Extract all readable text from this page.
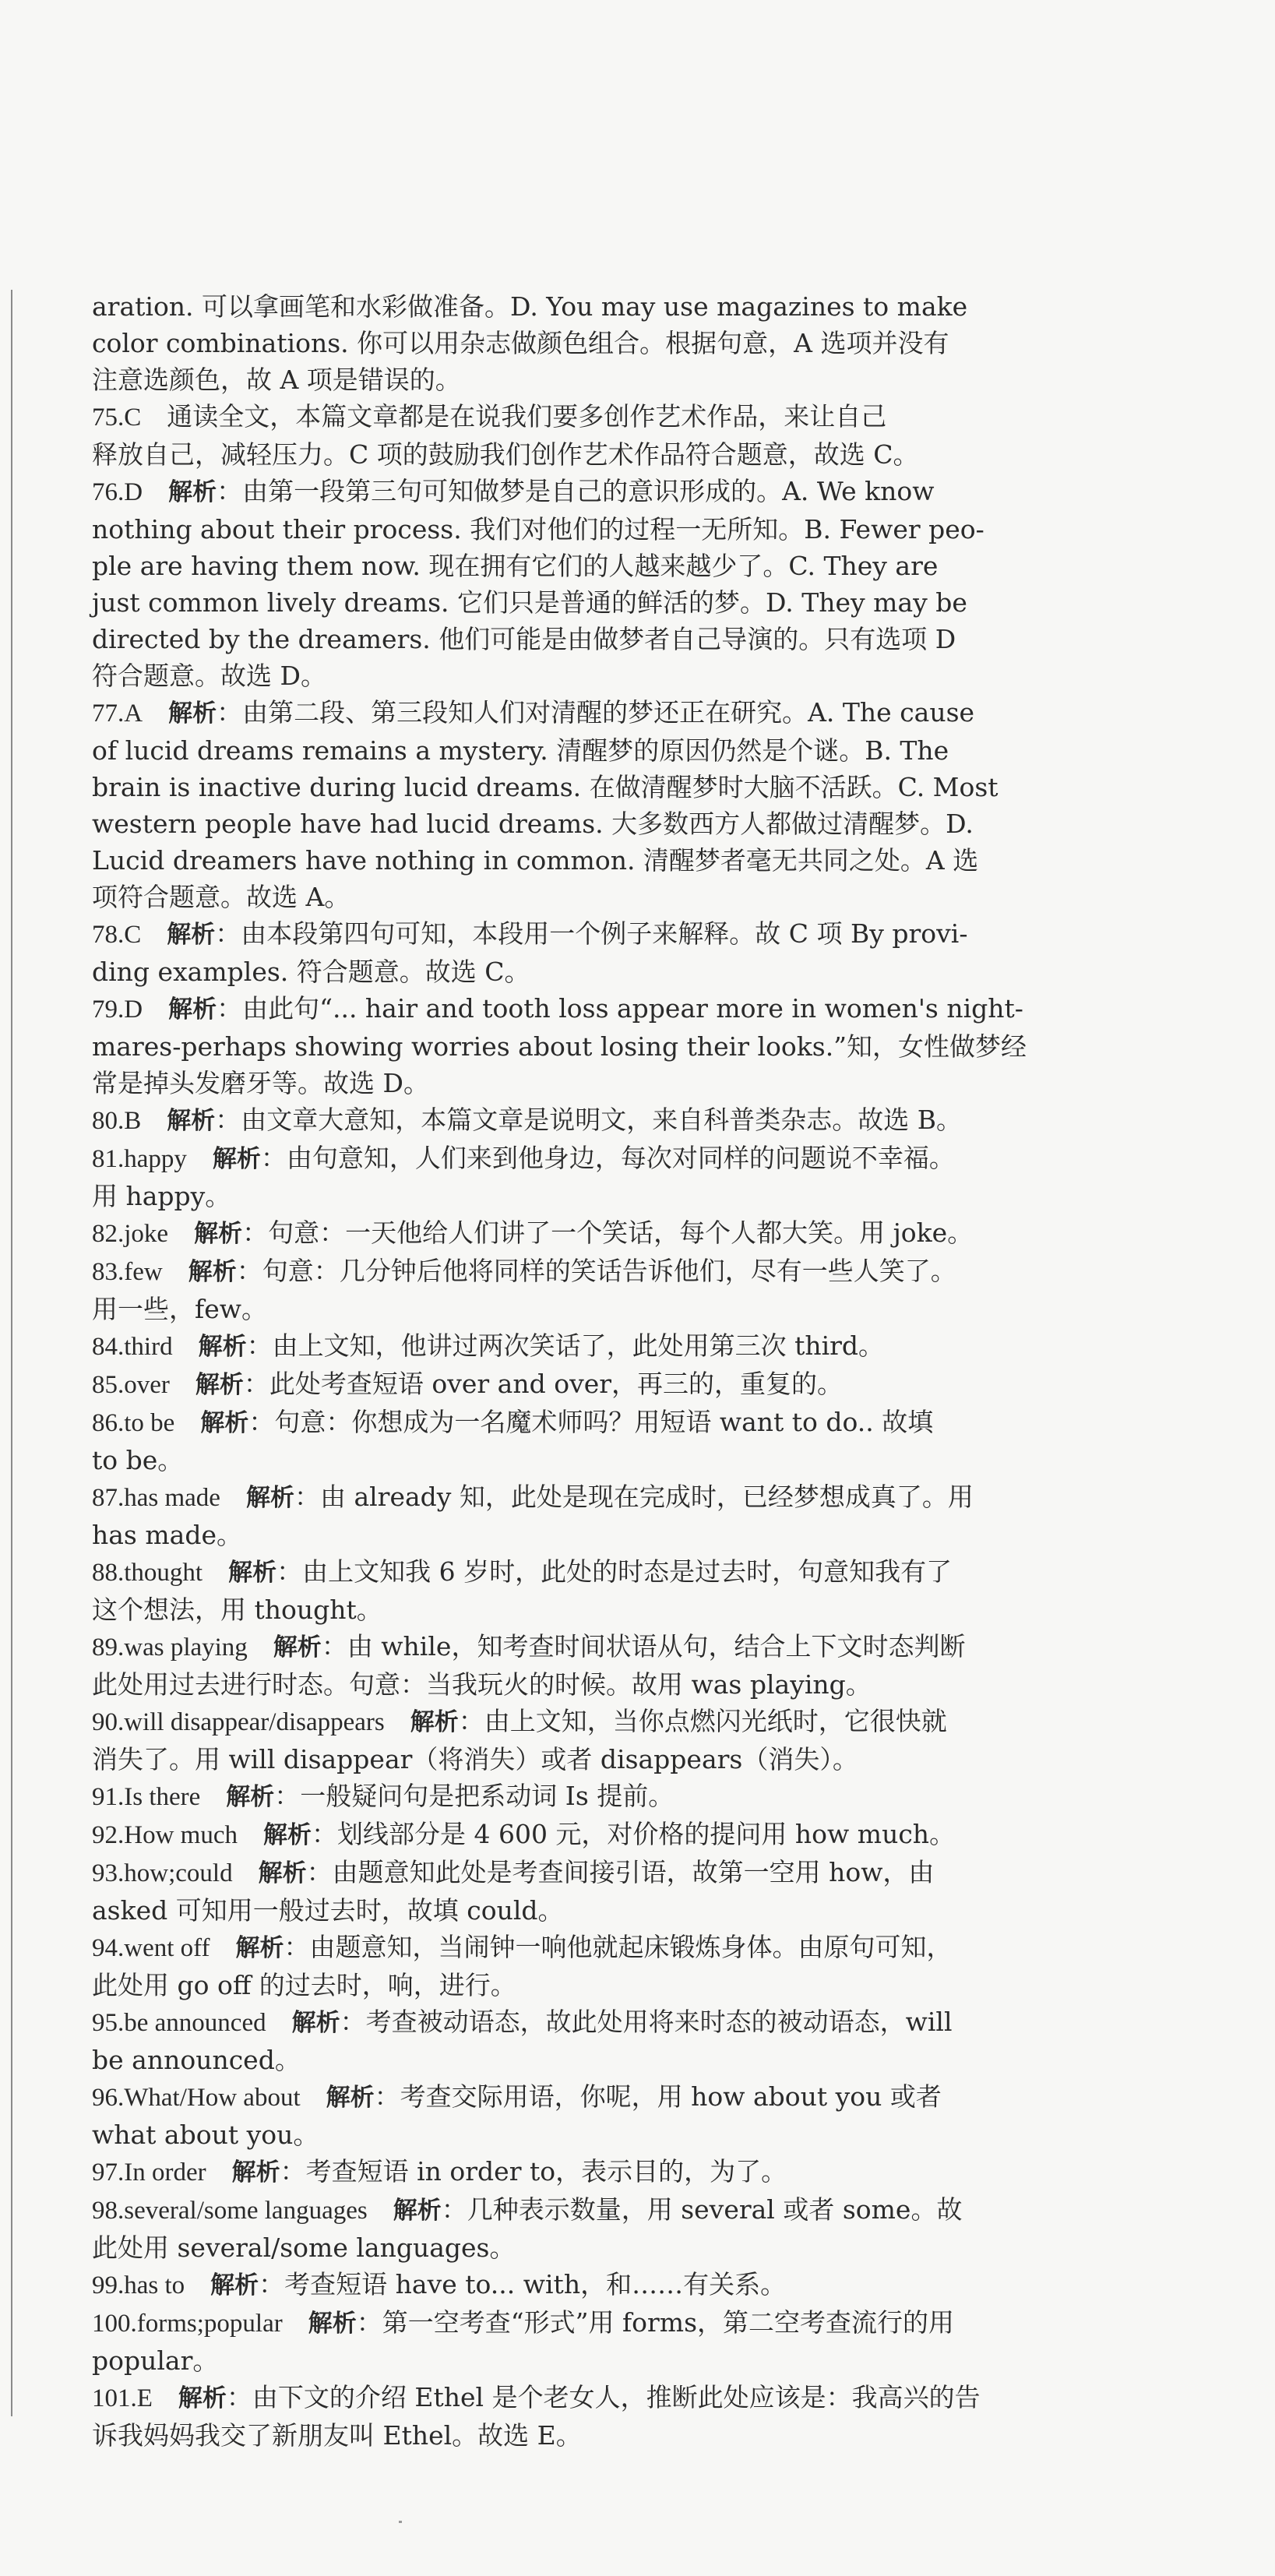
aration. 可以拿画笔和水彩做准备。D. You may use magazines to make

color combinations. 你可以用杂志做颜色组合。根据句意，A 选项并没有

注意选颜色，故 A 项是错误的。

75.C  通读全文，本篇文章都是在说我们要多创作艺术作品，来让自己

释放自己，减轻压力。C 项的鼓励我们创作艺术作品符合题意，故选 C。

76.D  解析：由第一段第三句可知做梦是自己的意识形成的。A. We know

nothing about their process. 我们对他们的过程一无所知。B. Fewer peo-

ple are having them now. 现在拥有它们的人越来越少了。C. They are

just common lively dreams. 它们只是普通的鲜活的梦。D. They may be

directed by the dreamers. 他们可能是由做梦者自己导演的。只有选项 D

符合题意。故选 D。

77.A  解析：由第二段、第三段知人们对清醒的梦还正在研究。A. The cause

of lucid dreams remains a mystery. 清醒梦的原因仍然是个谜。B. The

brain is inactive during lucid dreams. 在做清醒梦时大脑不活跃。C. Most

western people have had lucid dreams. 大多数西方人都做过清醒梦。D.

Lucid dreamers have nothing in common. 清醒梦者毫无共同之处。A 选

项符合题意。故选 A。

78.C  解析：由本段第四句可知，本段用一个例子来解释。故 C 项 By provi-

ding examples. 符合题意。故选 C。

79.D  解析：由此句“... hair and tooth loss appear more in women's night-

mares-perhaps showing worries about losing their looks.”知，女性做梦经

常是掉头发磨牙等。故选 D。

80.B  解析：由文章大意知，本篇文章是说明文，来自科普类杂志。故选 B。

81.happy  解析：由句意知，人们来到他身边，每次对同样的问题说不幸福。

用 happy。

82.joke  解析：句意：一天他给人们讲了一个笑话，每个人都大笑。用 joke。

83.few  解析：句意：几分钟后他将同样的笑话告诉他们，尽有一些人笑了。

用一些，few。

84.third  解析：由上文知，他讲过两次笑话了，此处用第三次 third。

85.over  解析：此处考查短语 over and over，再三的，重复的。

86.to be  解析：句意：你想成为一名魔术师吗？用短语 want to do.. 故填

to be。

87.has made  解析：由 already 知，此处是现在完成时，已经梦想成真了。用

has made。

88.thought  解析：由上文知我 6 岁时，此处的时态是过去时，句意知我有了

这个想法，用 thought。

89.was playing  解析：由 while，知考查时间状语从句，结合上下文时态判断

此处用过去进行时态。句意：当我玩火的时候。故用 was playing。

90.will disappear/disappears  解析：由上文知，当你点燃闪光纸时，它很快就

消失了。用 will disappear（将消失）或者 disappears（消失）。

91.Is there  解析：一般疑问句是把系动词 Is 提前。

92.How much  解析：划线部分是 4 600 元，对价格的提问用 how much。

93.how;could  解析：由题意知此处是考查间接引语，故第一空用 how，由

asked 可知用一般过去时，故填 could。

94.went off  解析：由题意知，当闹钟一响他就起床锻炼身体。由原句可知，

此处用 go off 的过去时，响，进行。

95.be announced  解析：考查被动语态，故此处用将来时态的被动语态，will

be announced。

96.What/How about  解析：考查交际用语，你呢，用 how about you 或者

what about you。

97.In order  解析：考查短语 in order to，表示目的，为了。

98.several/some languages  解析：几种表示数量，用 several 或者 some。故

此处用 several/some languages。

99.has to  解析：考查短语 have to... with，和……有关系。

100.forms;popular  解析：第一空考查“形式”用 forms，第二空考查流行的用

popular。

101.E  解析：由下文的介绍 Ethel 是个老女人，推断此处应该是：我高兴的告

诉我妈妈我交了新朋友叫 Ethel。故选 E。
